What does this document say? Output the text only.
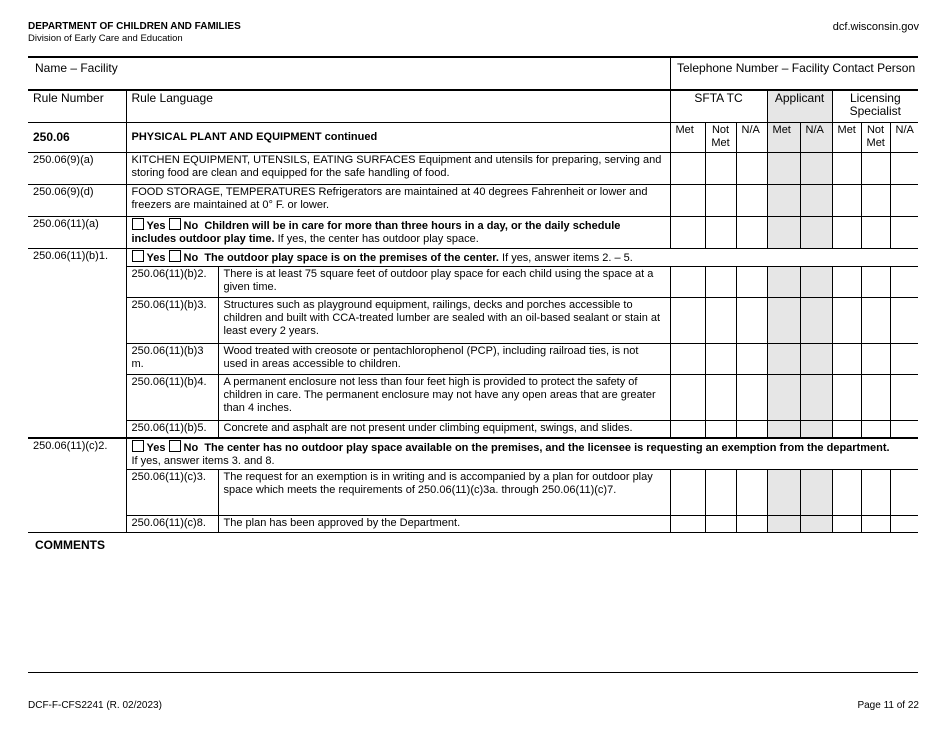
DEPARTMENT OF CHILDREN AND FAMILIES
Division of Early Care and Education
dcf.wisconsin.gov
Name – Facility	Telephone Number – Facility Contact Person
Rule Number	Rule Language		SFTA TC			Applicant		Licensing Specialist		
250.06	PHYSICAL PLANT AND EQUIPMENT continued		Met	Not Met	N/A	Met	N/A	Met	Not Met	N/A
250.06(9)(a)	KITCHEN EQUIPMENT, UTENSILS, EATING SURFACES Equipment and utensils for preparing, serving and storing food are clean and equipped for the safe handling of food.									
250.06(9)(d)	FOOD STORAGE, TEMPERATURES Refrigerators are maintained at 40 degrees Fahrenheit or lower and freezers are maintained at 0° F. or lower.									
250.06(11)(a)	Yes No Children will be in care for more than three hours in a day, or the daily schedule includes outdoor play time. If yes, the center has outdoor play space.									
250.06(11)(b)1.	Yes No The outdoor play space is on the premises of the center. If yes, answer items 2. – 5.									
	250.06(11)(b)2.	There is at least 75 square feet of outdoor play space for each child using the space at a given time.								
	250.06(11)(b)3.	Structures such as playground equipment, railings, decks and porches accessible to children and built with CCA-treated lumber are sealed with an oil-based sealant or stain at least every 2 years.								
	250.06(11)(b)3m.	Wood treated with creosote or pentachlorophenol (PCP), including railroad ties, is not used in areas accessible to children.								
	250.06(11)(b)4.	A permanent enclosure not less than four feet high is provided to protect the safety of children in care. The permanent enclosure may not have any open areas that are greater than 4 inches.								
	250.06(11)(b)5.	Concrete and asphalt are not present under climbing equipment, swings, and slides.								
250.06(11)(c)2.	Yes No The center has no outdoor play space available on the premises, and the licensee is requesting an exemption from the department.
If yes, answer items 3. and 8.									
	250.06(11)(c)3.	The request for an exemption is in writing and is accompanied by a plan for outdoor play space which meets the requirements of 250.06(11)(c)3a. through 250.06(11)(c)7.								
	250.06(11)(c)8.	The plan has been approved by the Department.								
COMMENTS
DCF-F-CFS2241 (R. 02/2023)	Page 11 of 22
